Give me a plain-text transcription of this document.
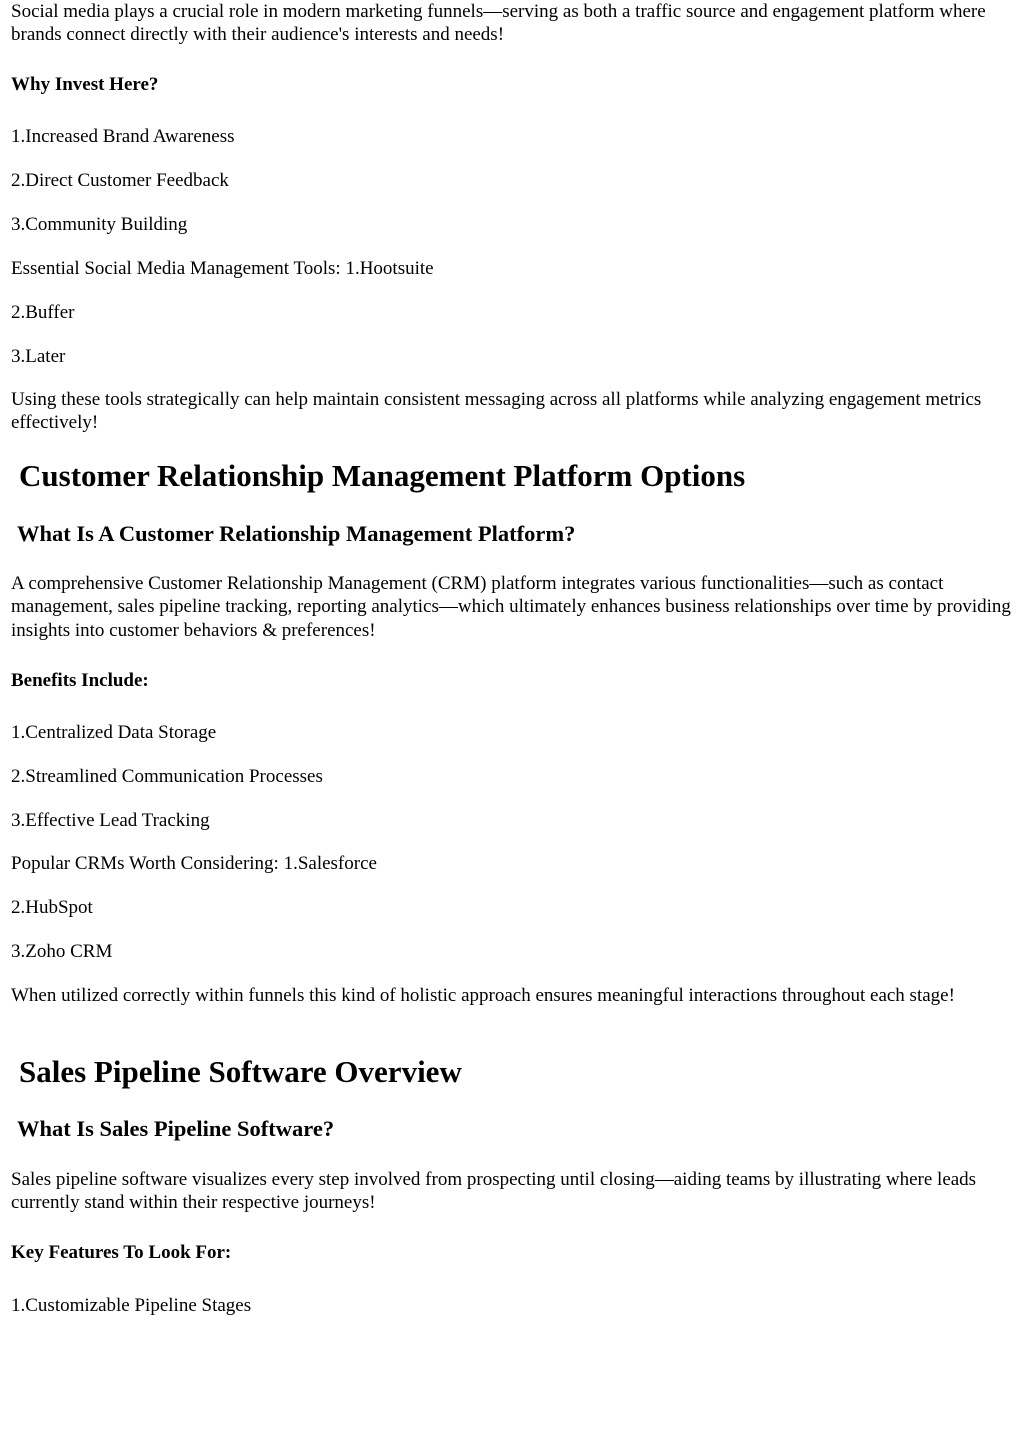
Social media plays a crucial role in modern marketing funnels—serving as both a traffic source and engagement platform where brands connect directly with their audience's interests and needs!

Why Invest Here?

1.Increased Brand Awareness

2.Direct Customer Feedback

3.Community Building

Essential Social Media Management Tools: 1.Hootsuite

2.Buffer

3.Later

Using these tools strategically can help maintain consistent messaging across all platforms while analyzing engagement metrics effectively!

Customer Relationship Management Platform Options
What Is A Customer Relationship Management Platform?

A comprehensive Customer Relationship Management (CRM) platform integrates various functionalities—such as contact management, sales pipeline tracking, reporting analytics—which ultimately enhances business relationships over time by providing insights into customer behaviors & preferences!

Benefits Include:

1.Centralized Data Storage

2.Streamlined Communication Processes

3.Effective Lead Tracking

Popular CRMs Worth Considering: 1.Salesforce

2.HubSpot

3.Zoho CRM

When utilized correctly within funnels this kind of holistic approach ensures meaningful interactions throughout each stage!

Sales Pipeline Software Overview
What Is Sales Pipeline Software?

Sales pipeline software visualizes every step involved from prospecting until closing—aiding teams by illustrating where leads currently stand within their respective journeys!

Key Features To Look For:

1.Customizable Pipeline Stages
